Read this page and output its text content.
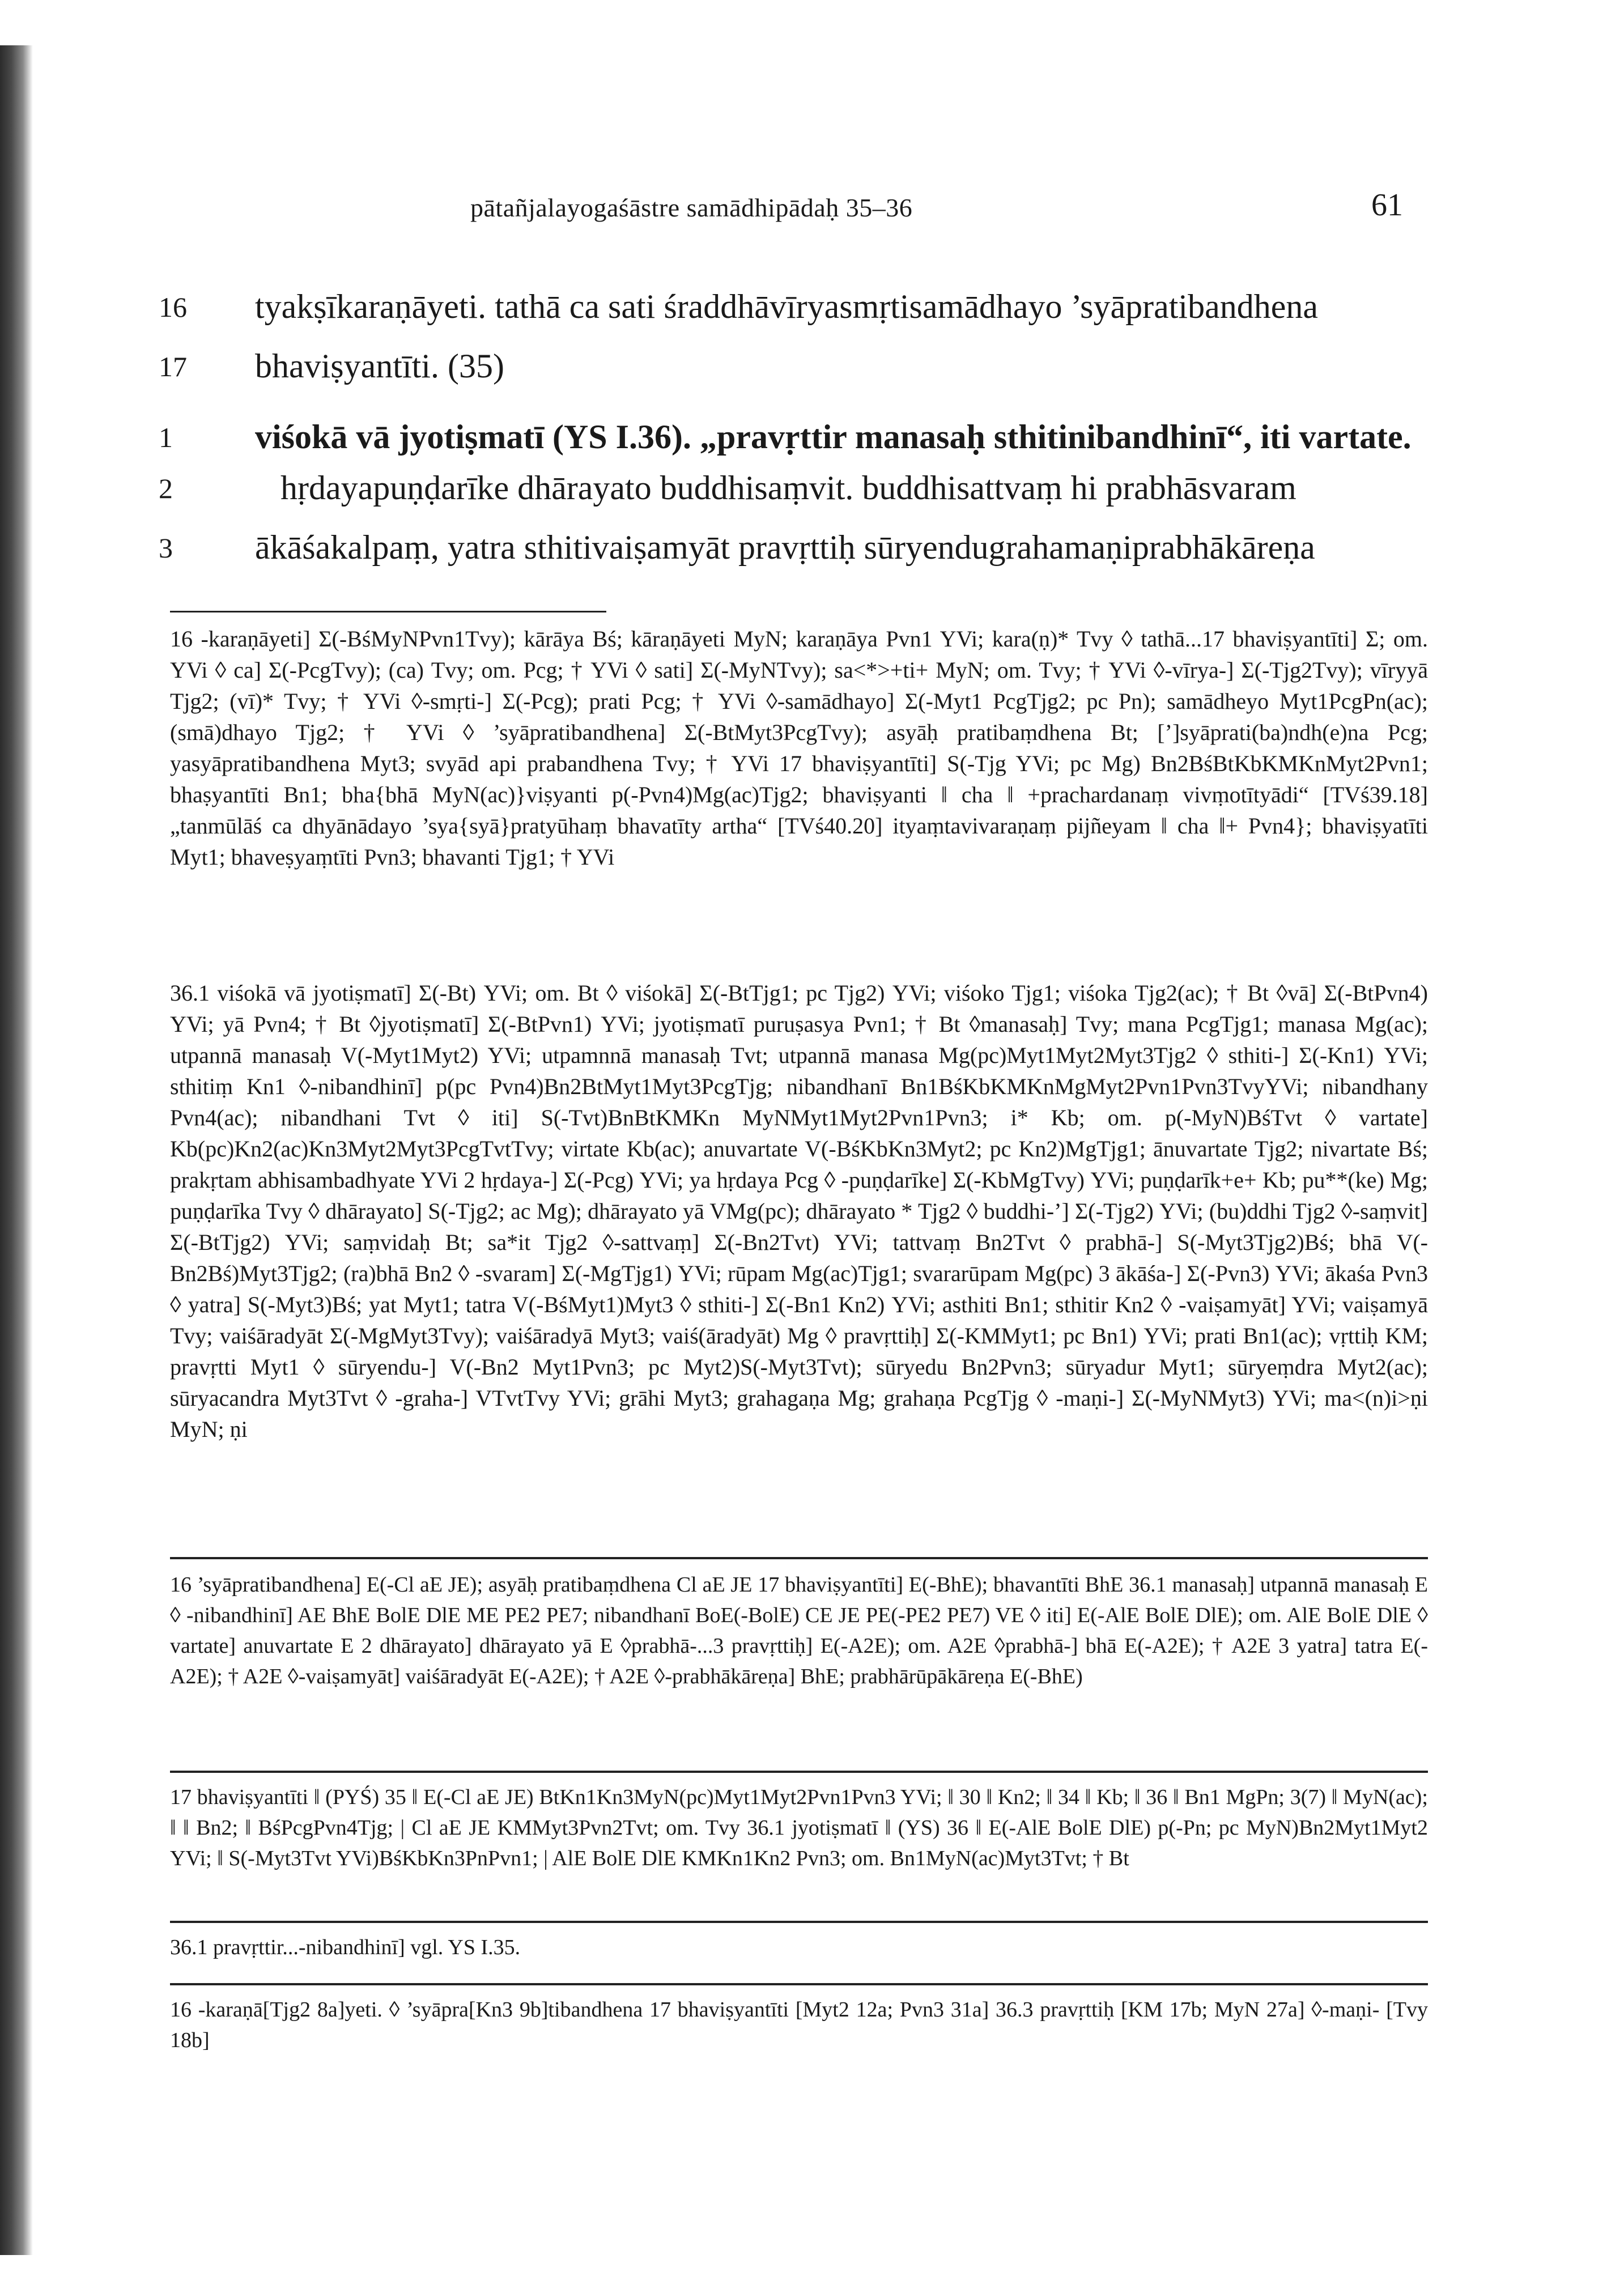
pātañjalayogaśāstre samādhipādaḥ 35–36	61
16 tyakṣīkaraṇāyeti. tathā ca sati śraddhāvīryasmṛtisamādhayo ’syāpratibandhena
17 bhaviṣyantīti. (35)
1	viśokā vā jyotiṣmatī (YS I.36). „pravṛttir manasaḥ sthitinibandhinī“, iti vartate.
2	hṛdayapuṇḍarīke dhārayato buddhisaṃvit. buddhisattvaṃ hi prabhāsvaram
3	ākāśakalpaṃ, yatra sthitivaiṣamyāt pravṛttiḥ sūryendugrahamaṇiprabhākāreṇa
16 -karaṇāyeti] Σ(-BśMyNPvn1Tvy); kārāya Bś; kāraṇāyeti MyN; karaṇāya Pvn1 YVi; kara(ṇ)* Tvy ◊ tathā...17 bhaviṣyantīti] Σ; om. YVi ◊ ca] Σ(-PcgTvy); (ca) Tvy; om. Pcg; † YVi ◊ sati] Σ(-MyNTvy); sa<*>+ti+ MyN; om. Tvy; † YVi ◊-vīrya-] Σ(-Tjg2Tvy); vīryyā Tjg2; (vī)* Tvy; † YVi ◊-smṛti-] Σ(-Pcg); prati Pcg; † YVi ◊-samādhayo] Σ(-Myt1 PcgTjg2; pc Pn); samādheyo Myt1PcgPn(ac); (smā)dhayo Tjg2; † YVi ◊ ’syāpratibandhena] Σ(-BtMyt3PcgTvy); asyāḥ pratibaṃdhena Bt; [’]syāprati(ba)ndh(e)na Pcg; yasyāpratibandhena Myt3; svyād api prabandhena Tvy; † YVi 17 bhaviṣyantīti] S(-Tjg YVi; pc Mg) Bn2BśBtKbKMKnMyt2Pvn1; bhaṣyantīti Bn1; bha{bhā MyN(ac)}viṣyanti p(-Pvn4)Mg(ac)Tjg2; bhaviṣyanti ‖ cha ‖ +prachardanaṃ vivṃotītyādi“ [TVś39.18] „tanmūlāś ca dhyānādayo ’sya{syā}pratyūhaṃ bhavatīty artha“ [TVś40.20] ityaṃtavivaraṇaṃ pijñeyam ‖ cha ‖+ Pvn4}; bhaviṣyatīti Myt1; bhaveṣyaṃtīti Pvn3; bhavanti Tjg1; † YVi
36.1 viśokā vā jyotiṣmatī] Σ(-Bt) YVi; om. Bt ◊ viśokā] Σ(-BtTjg1; pc Tjg2) YVi; viśoko Tjg1; viśoka Tjg2(ac); † Bt ◊vā] Σ(-BtPvn4) YVi; yā Pvn4; † Bt ◊jyotiṣmatī] Σ(-BtPvn1) YVi; jyotiṣmatī puruṣasya Pvn1; † Bt ◊manasaḥ] Tvy; mana PcgTjg1; manasa Mg(ac); utpannā manasaḥ V(-Myt1Myt2) YVi; utpamnnā manasaḥ Tvt; utpannā manasa Mg(pc)Myt1Myt2Myt3Tjg2 ◊ sthiti-] Σ(-Kn1) YVi; sthitiṃ Kn1 ◊-nibandhinī] p(pc Pvn4)Bn2BtMyt1Myt3PcgTjg; nibandhanī Bn1BśKbKMKnMgMyt2Pvn1Pvn3TvyYVi; nibandhany Pvn4(ac); nibandhani Tvt ◊ iti] S(-Tvt)BnBtKMKn MyNMyt1Myt2Pvn1Pvn3; i* Kb; om. p(-MyN)BśTvt ◊ vartate] Kb(pc)Kn2(ac)Kn3Myt2Myt3PcgTvtTvy; virtate Kb(ac); anuvartate V(-BśKbKn3Myt2; pc Kn2)MgTjg1; ānuvartate Tjg2; nivartate Bś; prakṛtam abhisambadhyate YVi 2 hṛdaya-] Σ(-Pcg) YVi; ya hṛdaya Pcg ◊ -puṇḍarīke] Σ(-KbMgTvy) YVi; puṇḍarīk+e+ Kb; pu**(ke) Mg; puṇḍarīka Tvy ◊ dhārayato] S(-Tjg2; ac Mg); dhārayato yā VMg(pc); dhārayato * Tjg2 ◊ buddhi-’] Σ(-Tjg2) YVi; (bu)ddhi Tjg2 ◊-saṃvit] Σ(-BtTjg2) YVi; saṃvidaḥ Bt; sa*it Tjg2 ◊-sattvaṃ] Σ(-Bn2Tvt) YVi; tattvaṃ Bn2Tvt ◊ prabhā-] S(-Myt3Tjg2)Bś; bhā V(-Bn2Bś)Myt3Tjg2; (ra)bhā Bn2 ◊ -svaram] Σ(-MgTjg1) YVi; rūpam Mg(ac)Tjg1; svararūpam Mg(pc) 3 ākāśa-] Σ(-Pvn3) YVi; ākaśa Pvn3 ◊ yatra] S(-Myt3)Bś; yat Myt1; tatra V(-BśMyt1)Myt3 ◊ sthiti-] Σ(-Bn1 Kn2) YVi; asthiti Bn1; sthitir Kn2 ◊ -vaiṣamyāt] YVi; vaiṣamyā Tvy; vaiśāradyāt Σ(-MgMyt3Tvy); vaiśāradyā Myt3; vaiś(āradyāt) Mg ◊ pravṛttiḥ] Σ(-KMMyt1; pc Bn1) YVi; prati Bn1(ac); vṛttiḥ KM; pravṛtti Myt1 ◊ sūryendu-] V(-Bn2 Myt1Pvn3; pc Myt2)S(-Myt3Tvt); sūryedu Bn2Pvn3; sūryadur Myt1; sūryeṃdra Myt2(ac); sūryacandra Myt3Tvt ◊ -graha-] VTvtTvy YVi; grāhi Myt3; grahagaṇa Mg; grahaṇa PcgTjg ◊ -maṇi-] Σ(-MyNMyt3) YVi; ma<(n)i>ṇi MyN; ṇi
16 ’syāpratibandhena] E(-Cl aE JE); asyāḥ pratibaṃdhena Cl aE JE 17 bhaviṣyantīti] E(-BhE); bhavantīti BhE 36.1 manasaḥ] utpannā manasaḥ E ◊ -nibandhinī] AE BhE BolE DlE ME PE2 PE7; nibandhanī BoE(-BolE) CE JE PE(-PE2 PE7) VE ◊ iti] E(-AlE BolE DlE); om. AlE BolE DlE ◊ vartate] anuvartate E 2 dhārayato] dhārayato yā E ◊prabhā-...3 pravṛttiḥ] E(-A2E); om. A2E ◊prabhā-] bhā E(-A2E); † A2E 3 yatra] tatra E(-A2E); † A2E ◊-vaiṣamyāt] vaiśāradyāt E(-A2E); † A2E ◊-prabhākāreṇa] BhE; prabhārūpākāreṇa E(-BhE)
17 bhaviṣyantīti ‖ (PYŚ) 35 ‖ E(-Cl aE JE) BtKn1Kn3MyN(pc)Myt1Myt2Pvn1Pvn3 YVi; ‖ 30 ‖ Kn2; ‖ 34 ‖ Kb; ‖ 36 ‖ Bn1 MgPn; 3(7) ‖ MyN(ac); ‖ ‖ Bn2; ‖ BśPcgPvn4Tjg; | Cl aE JE KMMyt3Pvn2Tvt; om. Tvy 36.1 jyotiṣmatī ‖ (YS) 36 ‖ E(-AlE BolE DlE) p(-Pn; pc MyN)Bn2Myt1Myt2 YVi; ‖ S(-Myt3Tvt YVi)BśKbKn3PnPvn1; | AlE BolE DlE KMKn1Kn2 Pvn3; om. Bn1MyN(ac)Myt3Tvt; † Bt
36.1 pravṛttir...-nibandhinī] vgl. YS I.35.
16 -karaṇā[Tjg2 8a]yeti. ◊ ’syāpra[Kn3 9b]tibandhena 17 bhaviṣyantīti [Myt2 12a; Pvn3 31a] 36.3 pravṛttiḥ [KM 17b; MyN 27a] ◊-maṇi- [Tvy 18b]
